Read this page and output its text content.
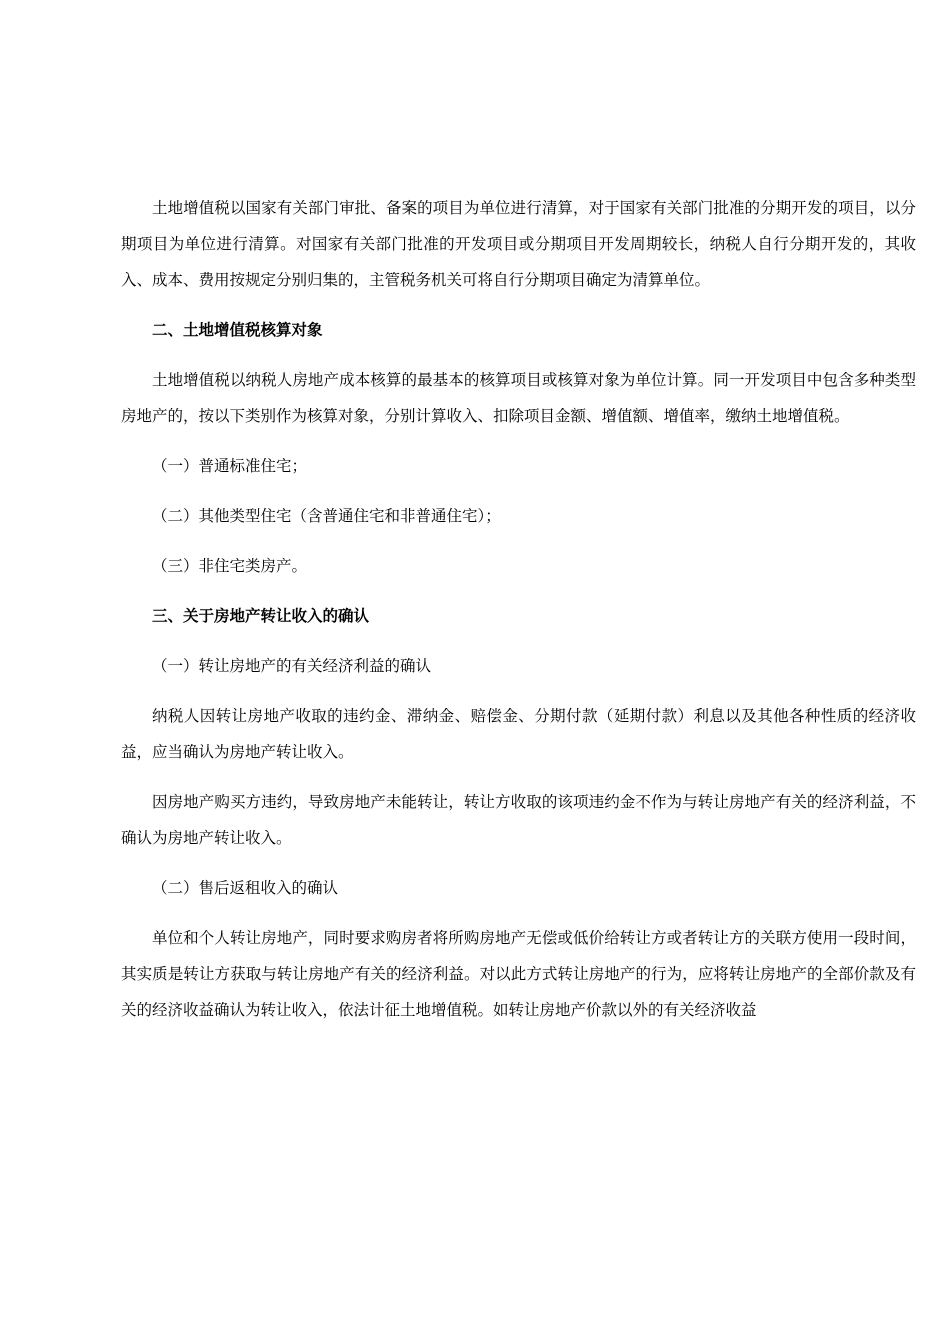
土地增值税以国家有关部门审批、备案的项目为单位进行清算，对于国家有关部门批准的分期开发的项目，以分期项目为单位进行清算。对国家有关部门批准的开发项目或分期项目开发周期较长，纳税人自行分期开发的，其收入、成本、费用按规定分别归集的，主管税务机关可将自行分期项目确定为清算单位。

二、土地增值税核算对象

土地增值税以纳税人房地产成本核算的最基本的核算项目或核算对象为单位计算。同一开发项目中包含多种类型房地产的，按以下类别作为核算对象，分别计算收入、扣除项目金额、增值额、增值率，缴纳土地增值税。

（一）普通标准住宅；

（二）其他类型住宅（含普通住宅和非普通住宅）；

（三）非住宅类房产。

三、关于房地产转让收入的确认

（一）转让房地产的有关经济利益的确认

纳税人因转让房地产收取的违约金、滞纳金、赔偿金、分期付款（延期付款）利息以及其他各种性质的经济收益，应当确认为房地产转让收入。

因房地产购买方违约，导致房地产未能转让，转让方收取的该项违约金不作为与转让房地产有关的经济利益，不确认为房地产转让收入。

（二）售后返租收入的确认

单位和个人转让房地产，同时要求购房者将所购房地产无偿或低价给转让方或者转让方的关联方使用一段时间，其实质是转让方获取与转让房地产有关的经济利益。对以此方式转让房地产的行为，应将转让房地产的全部价款及有关的经济收益确认为转让收入，依法计征土地增值税。如转让房地产价款以外的有关经济收益
